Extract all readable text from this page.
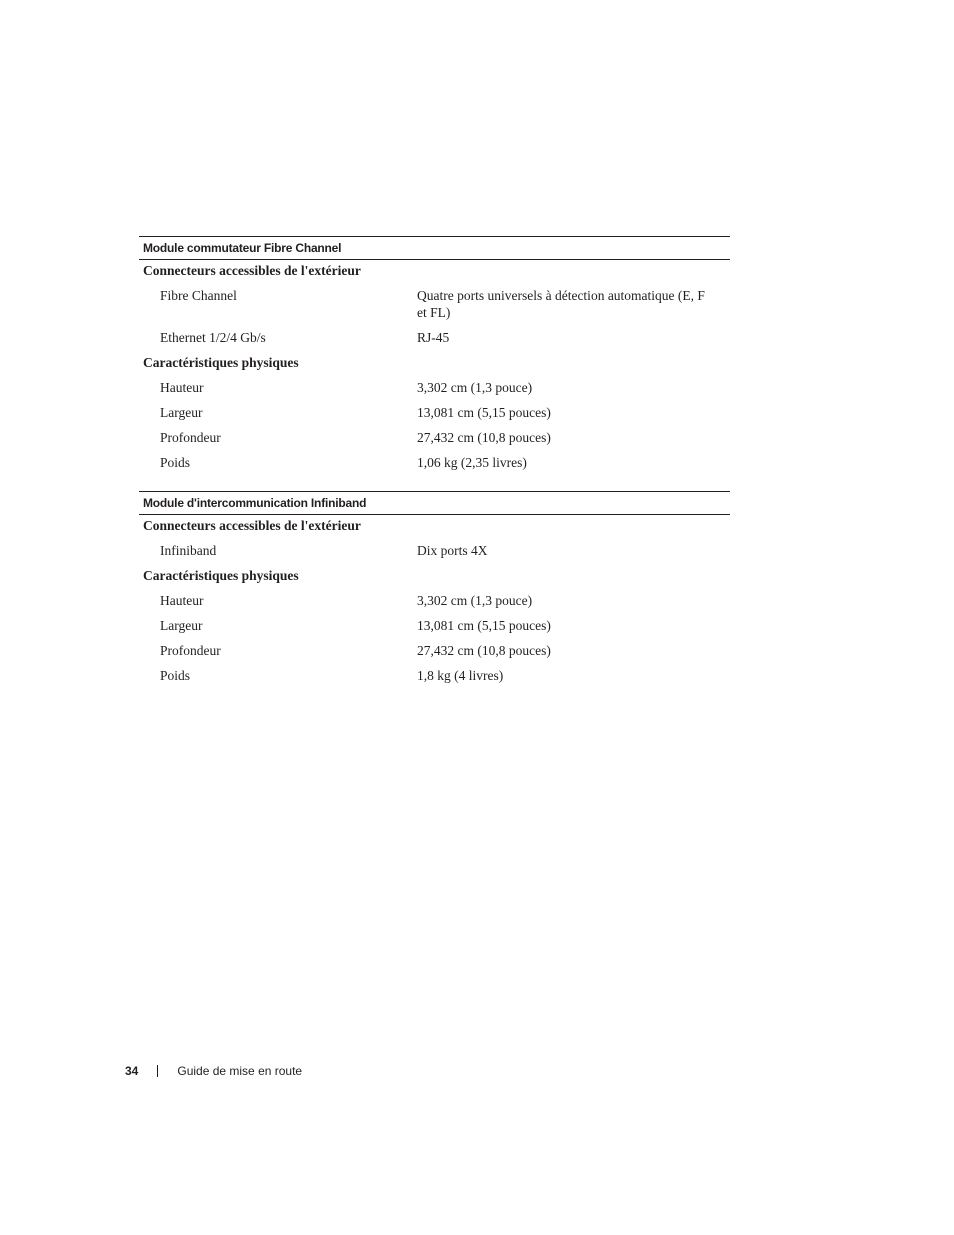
Module commutateur Fibre Channel
Connecteurs accessibles de l'extérieur
Fibre Channel	Quatre ports universels à détection automatique (E, F et FL)
Ethernet 1/2/4 Gb/s	RJ-45
Caractéristiques physiques
Hauteur	3,302 cm (1,3 pouce)
Largeur	13,081 cm (5,15 pouces)
Profondeur	27,432 cm (10,8 pouces)
Poids	1,06 kg (2,35 livres)
Module d'intercommunication Infiniband
Connecteurs accessibles de l'extérieur
Infiniband	Dix ports 4X
Caractéristiques physiques
Hauteur	3,302 cm (1,3 pouce)
Largeur	13,081 cm (5,15 pouces)
Profondeur	27,432 cm (10,8 pouces)
Poids	1,8 kg (4 livres)
34	Guide de mise en route
